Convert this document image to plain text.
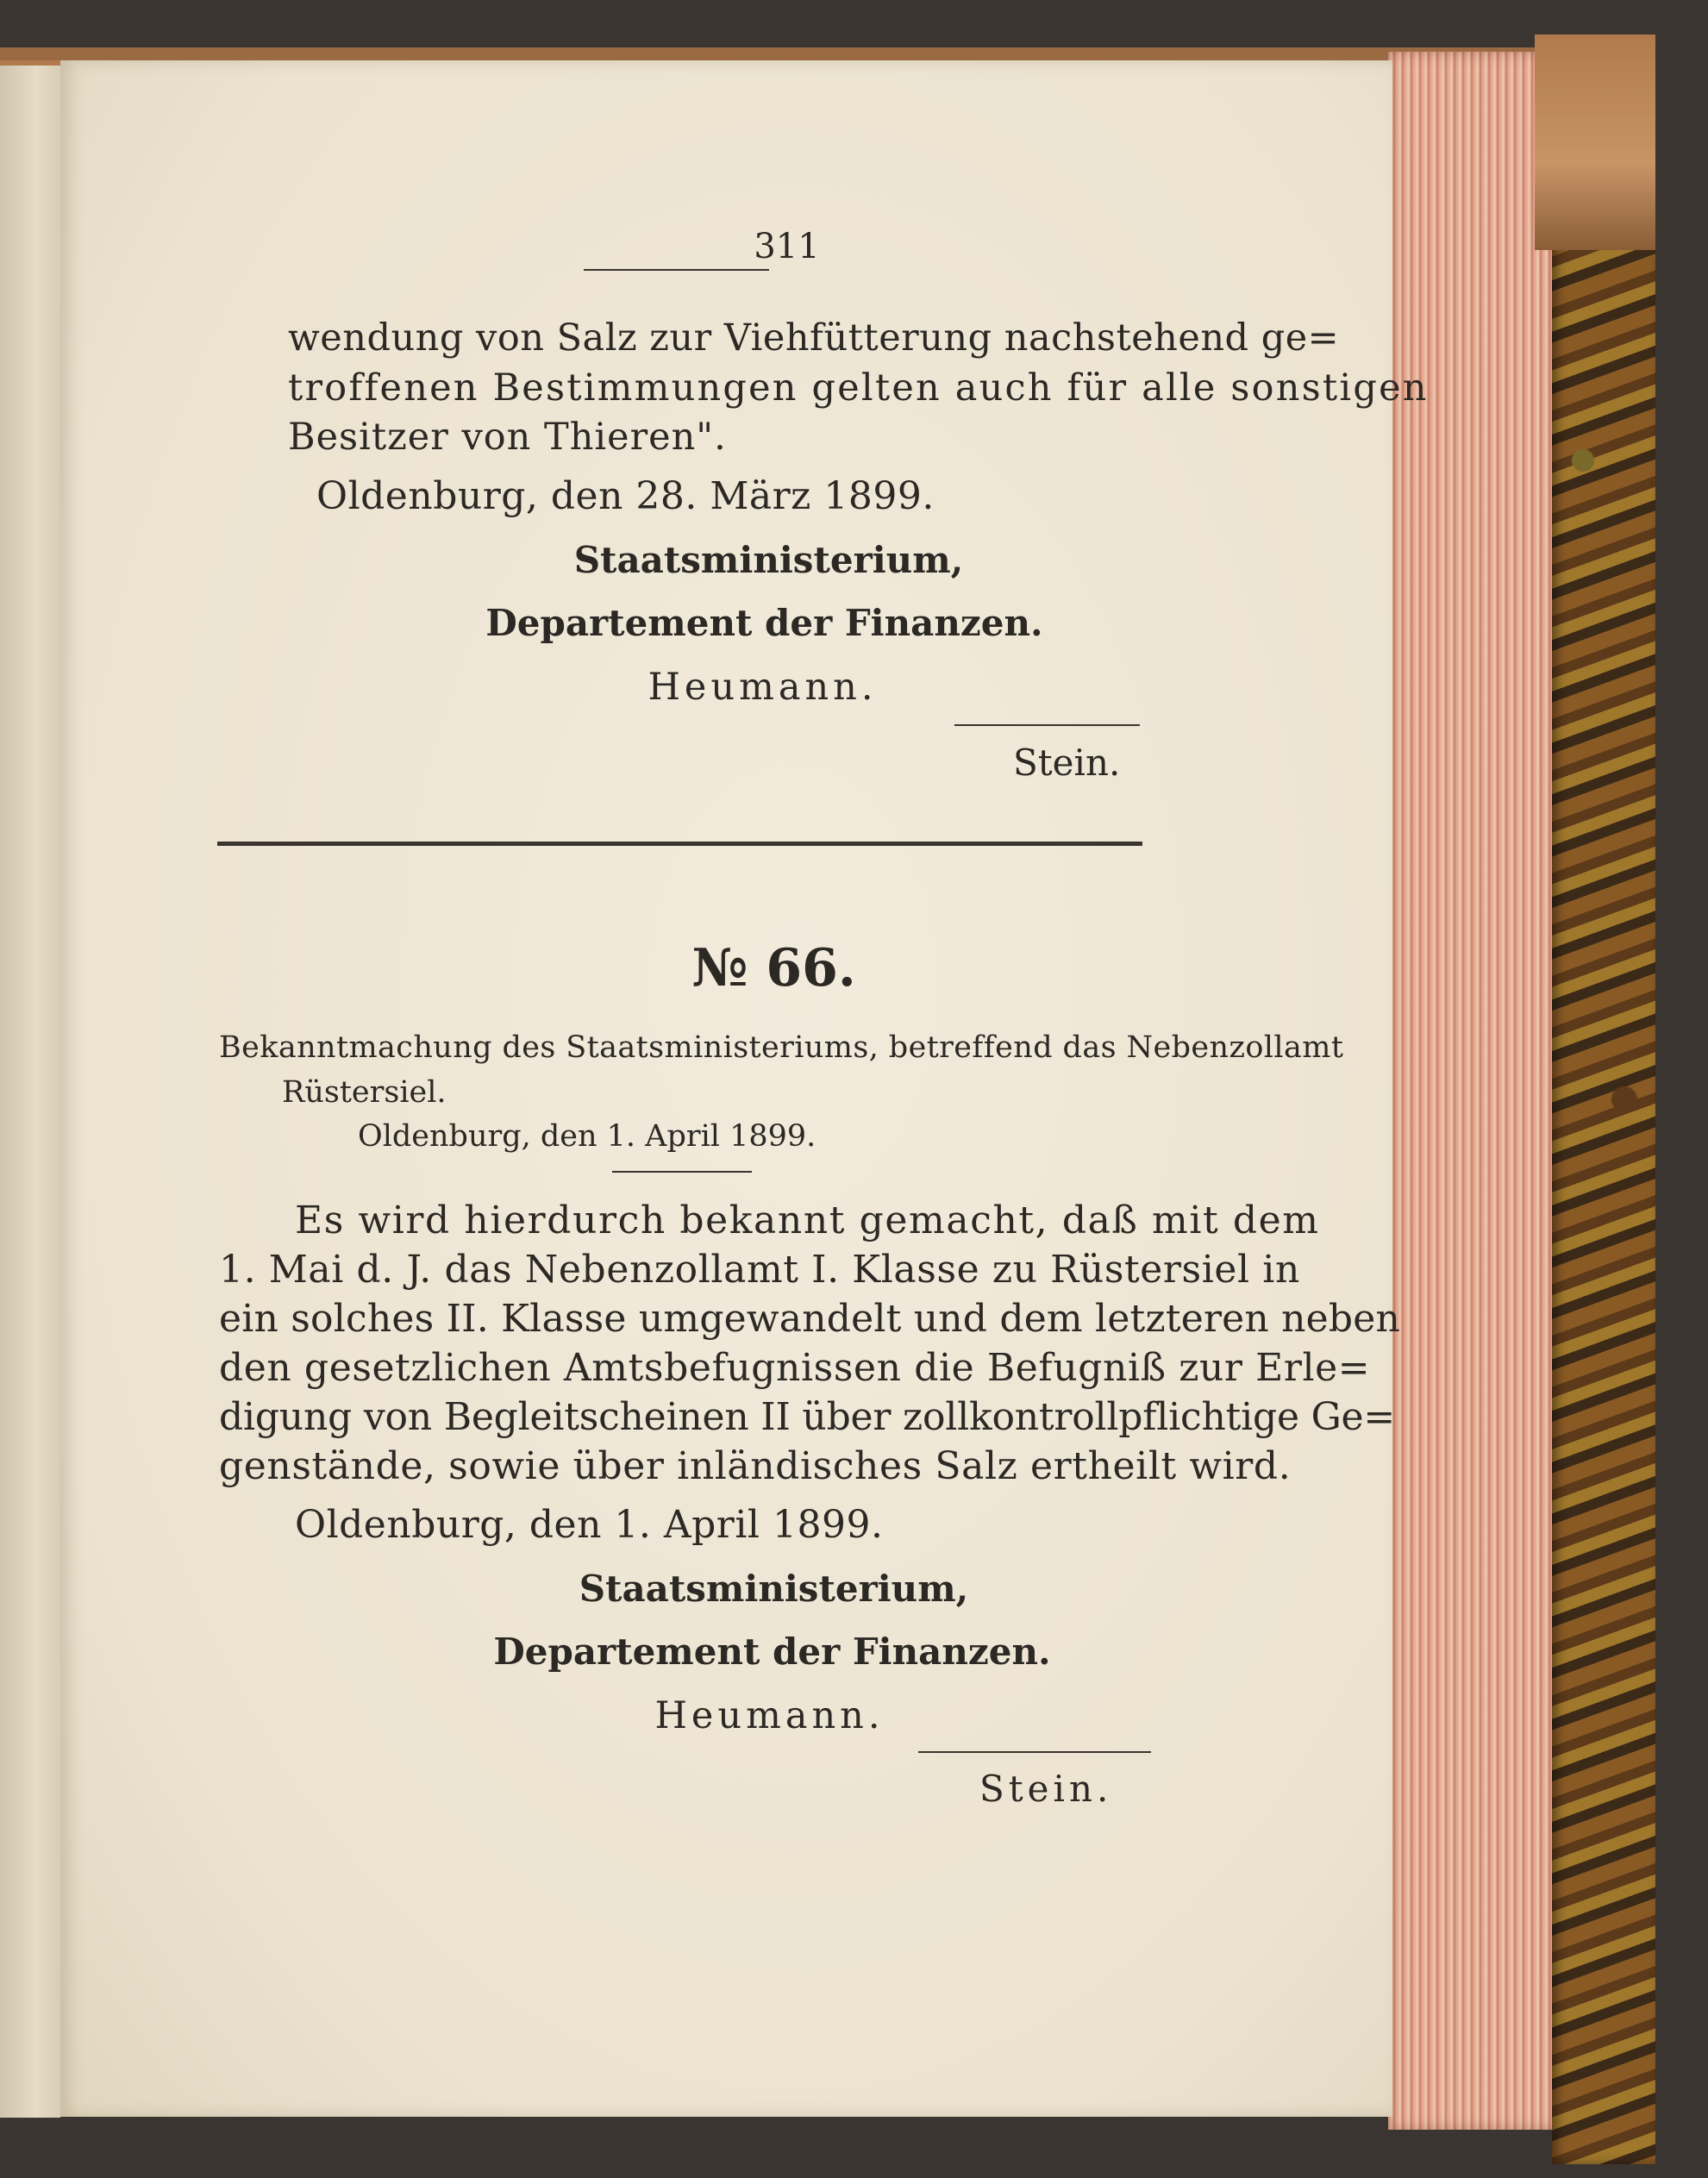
311
wendung von Salz zur Viehfütterung nachstehend ge=
troffenen Bestimmungen gelten auch für alle sonstigen
Besitzer von Thieren".
Oldenburg, den 28. März 1899.
Staatsministerium,
Departement der Finanzen.
Heumann.
Stein.
№ 66.
Bekanntmachung des Staatsministeriums, betreffend das Nebenzollamt
Rüstersiel.
Oldenburg, den 1. April 1899.
Es wird hierdurch bekannt gemacht, daß mit dem
1. Mai d. J. das Nebenzollamt I. Klasse zu Rüstersiel in
ein solches II. Klasse umgewandelt und dem letzteren neben
den gesetzlichen Amtsbefugnissen die Befugniß zur Erle=
digung von Begleitscheinen II über zollkontrollpflichtige Ge=
genstände, sowie über inländisches Salz ertheilt wird.
Oldenburg, den 1. April 1899.
Staatsministerium,
Departement der Finanzen.
Heumann.
Stein.
